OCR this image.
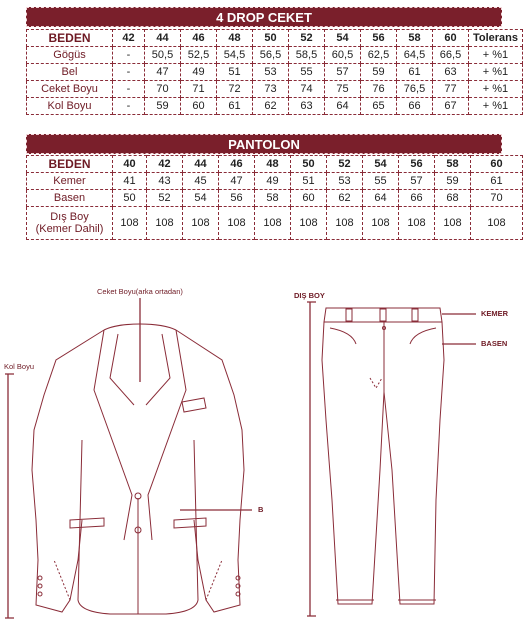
4 DROP CEKET
BEDEN	42	44	46	48	50	52	54	56	58	60	Tolerans
Gögüs	-	50,5	52,5	54,5	56,5	58,5	60,5	62,5	64,5	66,5	+ %1
Bel	-	47	49	51	53	55	57	59	61	63	+ %1
Ceket Boyu	-	70	71	72	73	74	75	76	76,5	77	+ %1
Kol Boyu	-	59	60	61	62	63	64	65	66	67	+ %1
PANTOLON
BEDEN	40	42	44	46	48	50	52	54	56	58	60
Kemer	41	43	45	47	49	51	53	55	57	59	61
Basen	50	52	54	56	58	60	62	64	66	68	70

Dış Boy
(Kemer Dahil)	108	108	108	108	108	108	108	108	108	108	108
Ceket Boyu(arka ortadan)
Kol Boyu
B
DIŞ BOY
KEMER
BASEN
